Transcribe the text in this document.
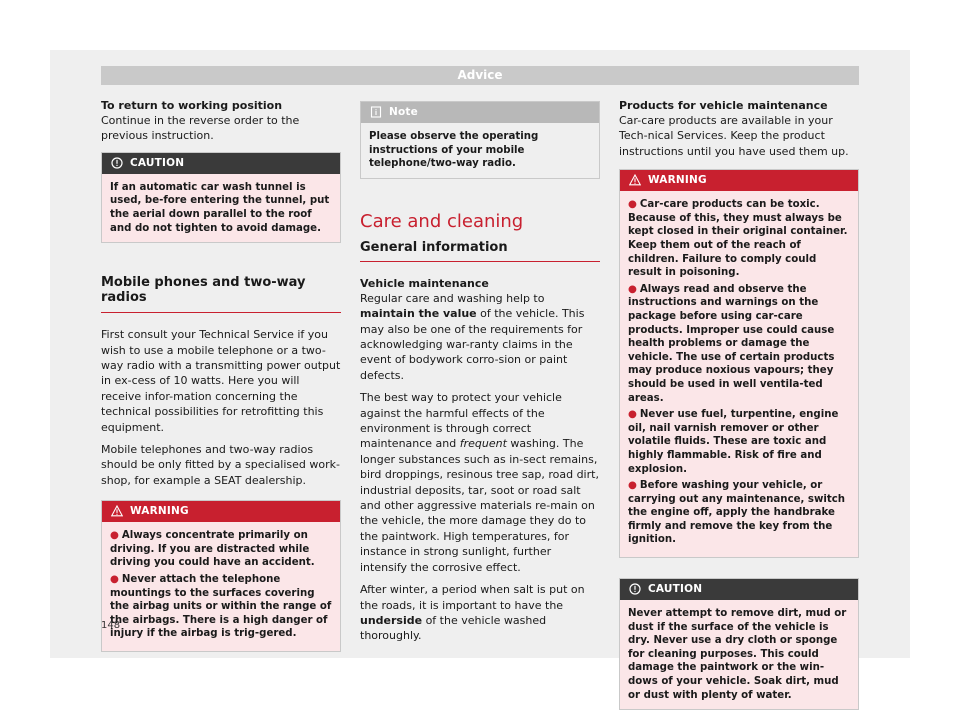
Advice

To return to working position

Continue in the reverse order to the previous instruction.

CAUTION
If an automatic car wash tunnel is used, be-fore entering the tunnel, put the aerial down parallel to the roof and do not tighten to avoid damage.
Mobile phones and two-way radios

First consult your Technical Service if you wish to use a mobile telephone or a two-way radio with a transmitting power output in ex-cess of 10 watts. Here you will receive infor-mation concerning the technical possibilities for retrofitting this equipment.

Mobile telephones and two-way radios should be only fitted by a specialised work-shop, for example a SEAT dealership.

WARNING
● Always concentrate primarily on driving. If you are distracted while driving you could have an accident.
● Never attach the telephone mountings to the surfaces covering the airbag units or within the range of the airbags. There is a high danger of injury if the airbag is trig-gered.
Note
Please observe the operating instructions of your mobile telephone/two-way radio.
Care and cleaning
General information

Vehicle maintenance

Regular care and washing help to maintain the value of the vehicle. This may also be one of the requirements for acknowledging war-ranty claims in the event of bodywork corro-sion or paint defects.

The best way to protect your vehicle against the harmful effects of the environment is through correct maintenance and frequent washing. The longer substances such as in-sect remains, bird droppings, resinous tree sap, road dirt, industrial deposits, tar, soot or road salt and other aggressive materials re-main on the vehicle, the more damage they do to the paintwork. High temperatures, for instance in strong sunlight, further intensify the corrosive effect.

After winter, a period when salt is put on the roads, it is important to have the underside of the vehicle washed thoroughly.

Products for vehicle maintenance

Car-care products are available in your Tech-nical Services. Keep the product instructions until you have used them up.

WARNING
● Car-care products can be toxic. Because of this, they must always be kept closed in their original container. Keep them out of the reach of children. Failure to comply could result in poisoning.
● Always read and observe the instructions and warnings on the package before using car-care products. Improper use could cause health problems or damage the vehicle. The use of certain products may produce noxious vapours; they should be used in well ventila-ted areas.
● Never use fuel, turpentine, engine oil, nail varnish remover or other volatile fluids. These are toxic and highly flammable. Risk of fire and explosion.
● Before washing your vehicle, or carrying out any maintenance, switch the engine off, apply the handbrake firmly and remove the key from the ignition.
CAUTION
Never attempt to remove dirt, mud or dust if the surface of the vehicle is dry. Never use a dry cloth or sponge for cleaning purposes. This could damage the paintwork or the win-dows of your vehicle. Soak dirt, mud or dust with plenty of water.
148
